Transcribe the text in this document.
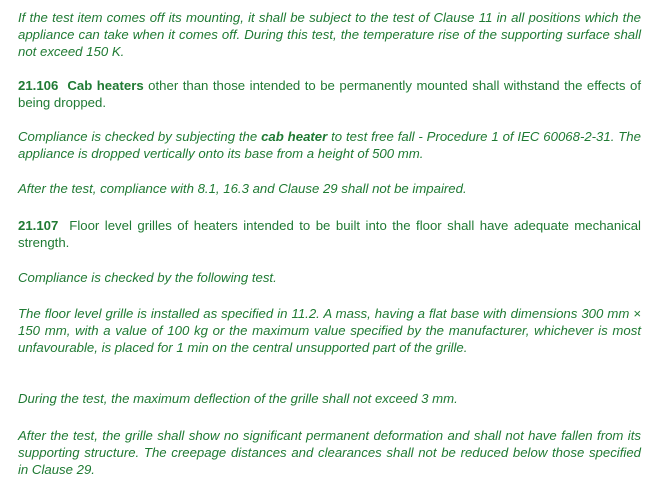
If the test item comes off its mounting, it shall be subject to the test of Clause 11 in all positions which the appliance can take when it comes off. During this test, the temperature rise of the supporting surface shall not exceed 150 K.

21.106 Cab heaters other than those intended to be permanently mounted shall withstand the effects of being dropped.

Compliance is checked by subjecting the cab heater to test free fall - Procedure 1 of IEC 60068-2-31. The appliance is dropped vertically onto its base from a height of 500 mm.

After the test, compliance with 8.1, 16.3 and Clause 29 shall not be impaired.

21.107  Floor level grilles of heaters intended to be built into the floor shall have adequate mechanical strength.

Compliance is checked by the following test.

The floor level grille is installed as specified in 11.2. A mass, having a flat base with dimensions 300 mm × 150 mm, with a value of 100 kg or the maximum value specified by the manufacturer, whichever is most unfavourable, is placed for 1 min on the central unsupported part of the grille.

During the test, the maximum deflection of the grille shall not exceed 3 mm.

After the test, the grille shall show no significant permanent deformation and shall not have fallen from its supporting structure. The creepage distances and clearances shall not be reduced below those specified in Clause 29.
